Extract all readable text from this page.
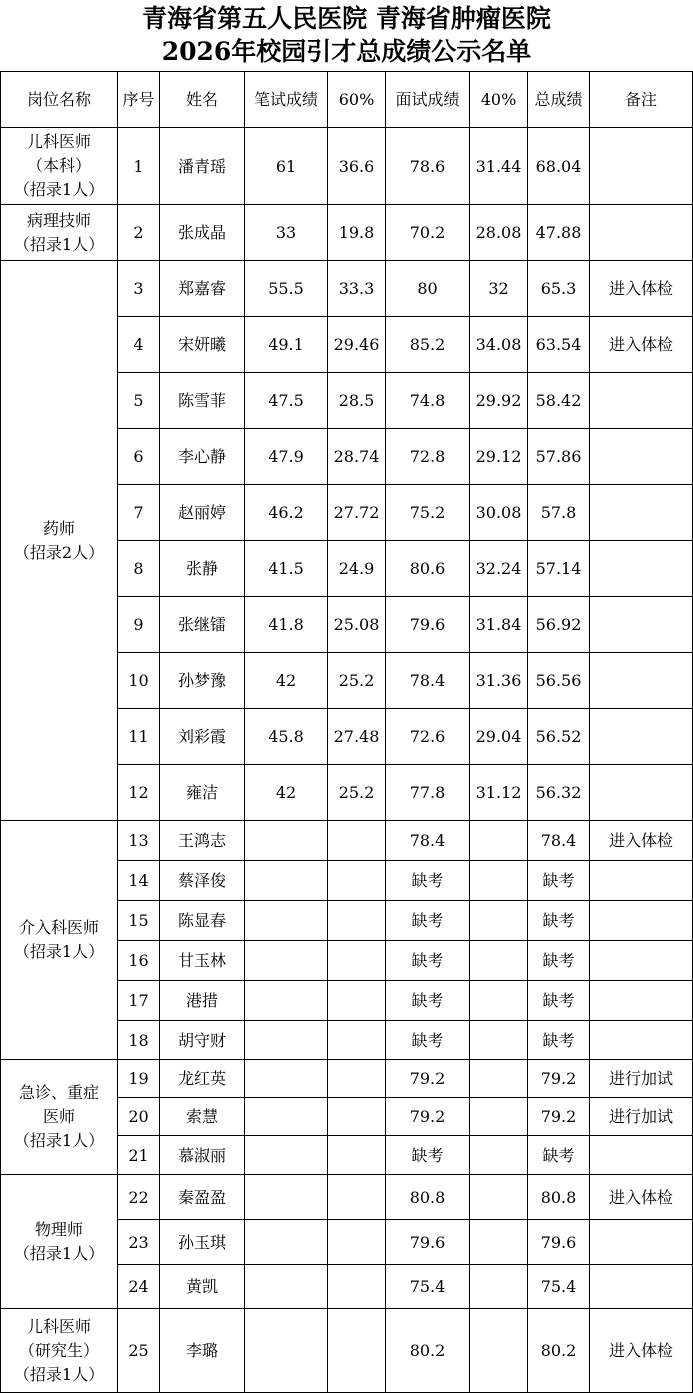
青海省第五人民医院 青海省肿瘤医院
2026年校园引才总成绩公示名单
岗位名称	序号	姓名	笔试成绩	60%	面试成绩	40%	总成绩	备注

儿科医师
（本科）
（招录1人）	1	潘青瑶	61	36.6	78.6	31.44	68.04	

病理技师
（招录1人）	2	张成晶	33	19.8	70.2	28.08	47.88	

药师
（招录2人）	3	郑嘉睿	55.5	33.3	80	32	65.3	进入体检
	4	宋妍曦	49.1	29.46	85.2	34.08	63.54	进入体检
	5	陈雪菲	47.5	28.5	74.8	29.92	58.42	
	6	李心静	47.9	28.74	72.8	29.12	57.86	
	7	赵丽婷	46.2	27.72	75.2	30.08	57.8	
	8	张静	41.5	24.9	80.6	32.24	57.14	
	9	张继镭	41.8	25.08	79.6	31.84	56.92	
	10	孙梦豫	42	25.2	78.4	31.36	56.56	
	11	刘彩霞	45.8	27.48	72.6	29.04	56.52	
	12	雍洁	42	25.2	77.8	31.12	56.32	

介入科医师
（招录1人）	13	王鸿志			78.4		78.4	进入体检
	14	蔡泽俊			缺考		缺考	
	15	陈显春			缺考		缺考	
	16	甘玉林			缺考		缺考	
	17	港措			缺考		缺考	
	18	胡守财			缺考		缺考	

急诊、重症
医师
（招录1人）	19	龙红英			79.2		79.2	进行加试
	20	索慧			79.2		79.2	进行加试
	21	慕淑丽			缺考		缺考	

物理师
（招录1人）	22	秦盈盈			80.8		80.8	进入体检
	23	孙玉琪			79.6		79.6	
	24	黄凯			75.4		75.4	

儿科医师
（研究生）
（招录1人）	25	李璐			80.2		80.2	进入体检
